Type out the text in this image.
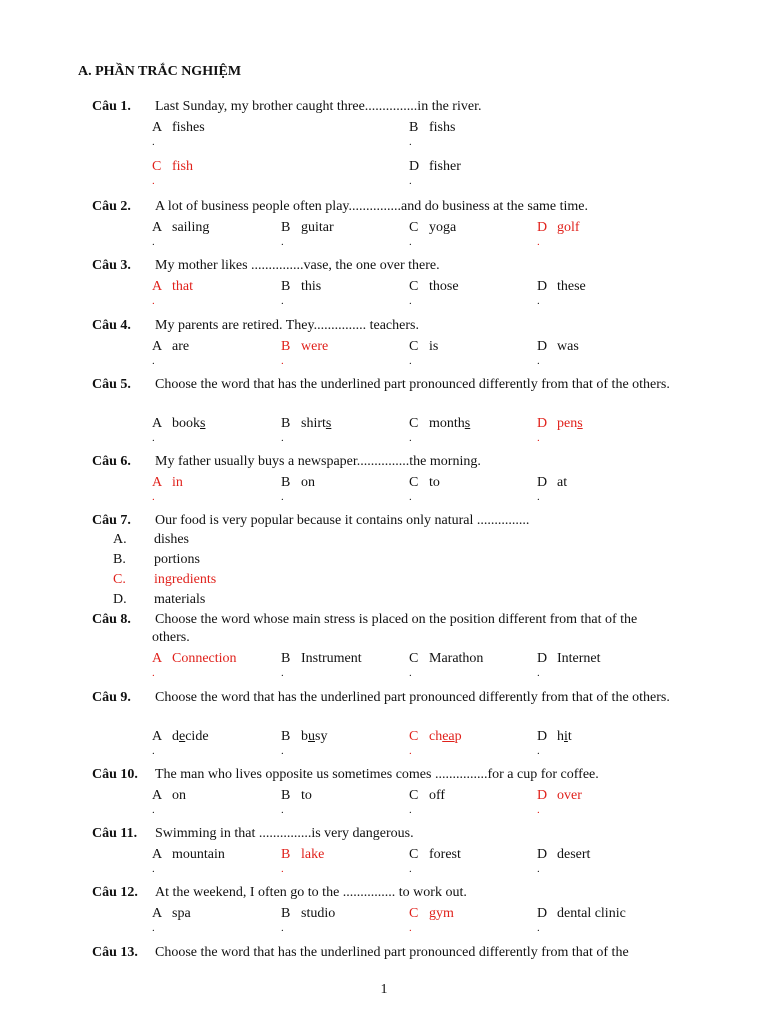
A. PHẦN TRẮC NGHIỆM
Câu 1. Last Sunday, my brother caught three...............in the river.
A fishes
.
B fishs
.
C fish
.
D fisher
.
Câu 2. A lot of business people often play...............and do business at the same time.
A sailing
.
B guitar
.
C yoga
.
D golf
.
Câu 3. My mother likes ...............vase, the one over there.
A that
.
B this
.
C those
.
D these
.
Câu 4. My parents are retired. They............... teachers.
A are
.
B were
.
C is
.
D was
.
Câu 5. Choose the word that has the underlined part pronounced differently from that of the others.
A books
.
B shirts
.
C months
.
D pens
.
Câu 6. My father usually buys a newspaper...............the morning.
A in
.
B on
.
C to
.
D at
.
Câu 7. Our food is very popular because it contains only natural ...............
A. dishes
B. portions
C. ingredients
D. materials
Câu 8. Choose the word whose main stress is placed on the position different from that of the others.
A Connection
.
B Instrument
.
C Marathon
.
D Internet
.
Câu 9. Choose the word that has the underlined part pronounced differently from that of the others.
A decide
.
B busy
.
C cheap
.
D hit
.
Câu 10. The man who lives opposite us sometimes comes ...............for a cup for coffee.
A on
.
B to
.
C off
.
D over
.
Câu 11. Swimming in that ...............is very dangerous.
A mountain
.
B lake
.
C forest
.
D desert
.
Câu 12. At the weekend, I often go to the ............... to work out.
A spa
.
B studio
.
C gym
.
D dental clinic
.
Câu 13. Choose the word that has the underlined part pronounced differently from that of the
1
